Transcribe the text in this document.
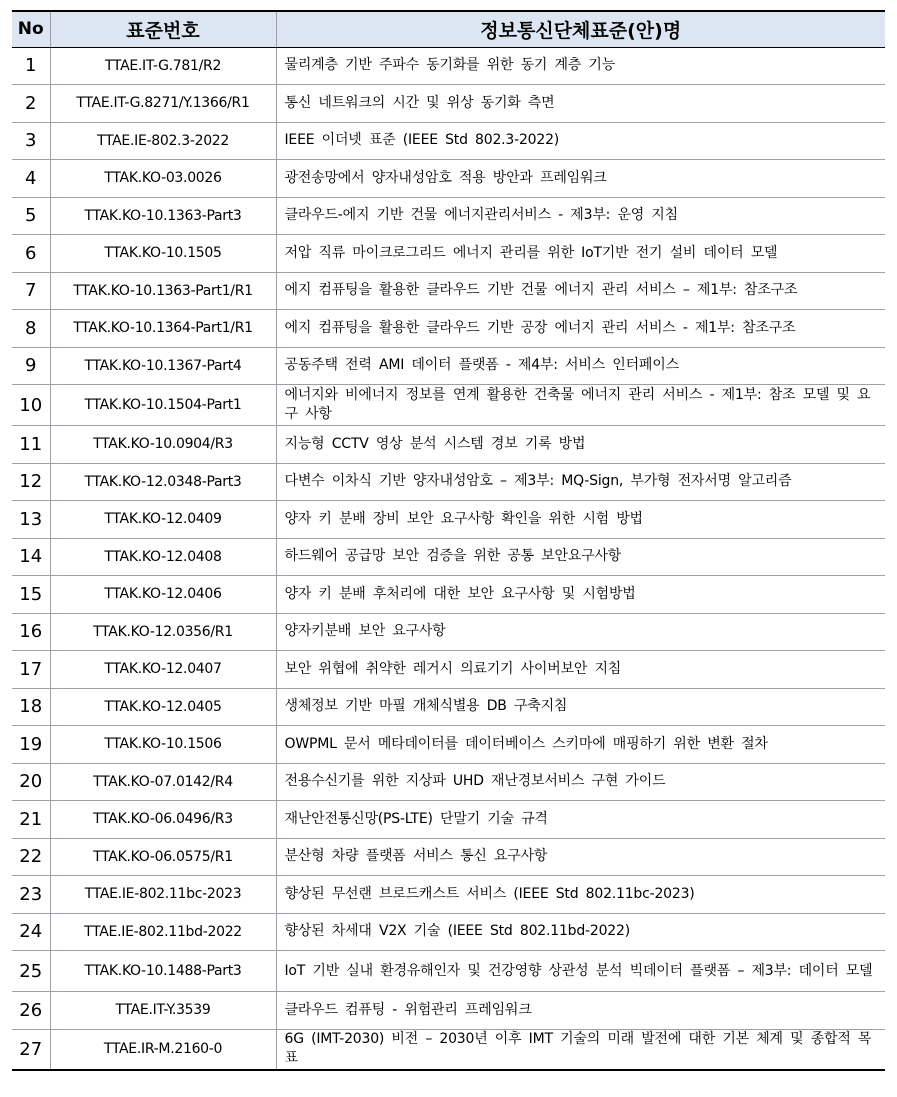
No	표준번호	정보통신단체표준(안)명
1	TTAE.IT-G.781/R2	물리계층 기반 주파수 동기화를 위한 동기 계층 기능
2	TTAE.IT-G.8271/Y.1366/R1	통신 네트워크의 시간 및 위상 동기화 측면
3	TTAE.IE-802.3-2022	IEEE 이더넷 표준 (IEEE Std 802.3-2022)
4	TTAK.KO-03.0026	광전송망에서 양자내성암호 적용 방안과 프레임워크
5	TTAK.KO-10.1363-Part3	클라우드-에지 기반 건물 에너지관리서비스 - 제3부: 운영 지침
6	TTAK.KO-10.1505	저압 직류 마이크로그리드 에너지 관리를 위한 IoT기반 전기 설비 데이터 모델
7	TTAK.KO-10.1363-Part1/R1	에지 컴퓨팅을 활용한 클라우드 기반 건물 에너지 관리 서비스 – 제1부: 참조구조
8	TTAK.KO-10.1364-Part1/R1	에지 컴퓨팅을 활용한 클라우드 기반 공장 에너지 관리 서비스 - 제1부: 참조구조
9	TTAK.KO-10.1367-Part4	공동주택 전력 AMI 데이터 플랫폼 - 제4부: 서비스 인터페이스
10	TTAK.KO-10.1504-Part1	에너지와 비에너지 정보를 연계 활용한 건축물 에너지 관리 서비스 - 제1부: 참조 모델 및 요구 사항
11	TTAK.KO-10.0904/R3	지능형 CCTV 영상 분석 시스템 경보 기록 방법
12	TTAK.KO-12.0348-Part3	다변수 이차식 기반 양자내성암호 – 제3부: MQ-Sign, 부가형 전자서명 알고리즘
13	TTAK.KO-12.0409	양자 키 분배 장비 보안 요구사항 확인을 위한 시험 방법
14	TTAK.KO-12.0408	하드웨어 공급망 보안 검증을 위한 공통 보안요구사항
15	TTAK.KO-12.0406	양자 키 분배 후처리에 대한 보안 요구사항 및 시험방법
16	TTAK.KO-12.0356/R1	양자키분배 보안 요구사항
17	TTAK.KO-12.0407	보안 위협에 취약한 레거시 의료기기 사이버보안 지침
18	TTAK.KO-12.0405	생체정보 기반 마필 개체식별용 DB 구축지침
19	TTAK.KO-10.1506	OWPML 문서 메타데이터를 데이터베이스 스키마에 매핑하기 위한 변환 절차
20	TTAK.KO-07.0142/R4	전용수신기를 위한 지상파 UHD 재난경보서비스 구현 가이드
21	TTAK.KO-06.0496/R3	재난안전통신망(PS-LTE) 단말기 기술 규격
22	TTAK.KO-06.0575/R1	분산형 차량 플랫폼 서비스 통신 요구사항
23	TTAE.IE-802.11bc-2023	향상된 무선랜 브로드캐스트 서비스 (IEEE Std 802.11bc-2023)
24	TTAE.IE-802.11bd-2022	향상된 차세대 V2X 기술 (IEEE Std 802.11bd-2022)
25	TTAK.KO-10.1488-Part3	IoT 기반 실내 환경유해인자 및 건강영향 상관성 분석 빅데이터 플랫폼 – 제3부: 데이터 모델
26	TTAE.IT-Y.3539	클라우드 컴퓨팅 - 위험관리 프레임워크
27	TTAE.IR-M.2160-0	6G (IMT-2030) 비전 – 2030년 이후 IMT 기술의 미래 발전에 대한 기본 체계 및 종합적 목표
